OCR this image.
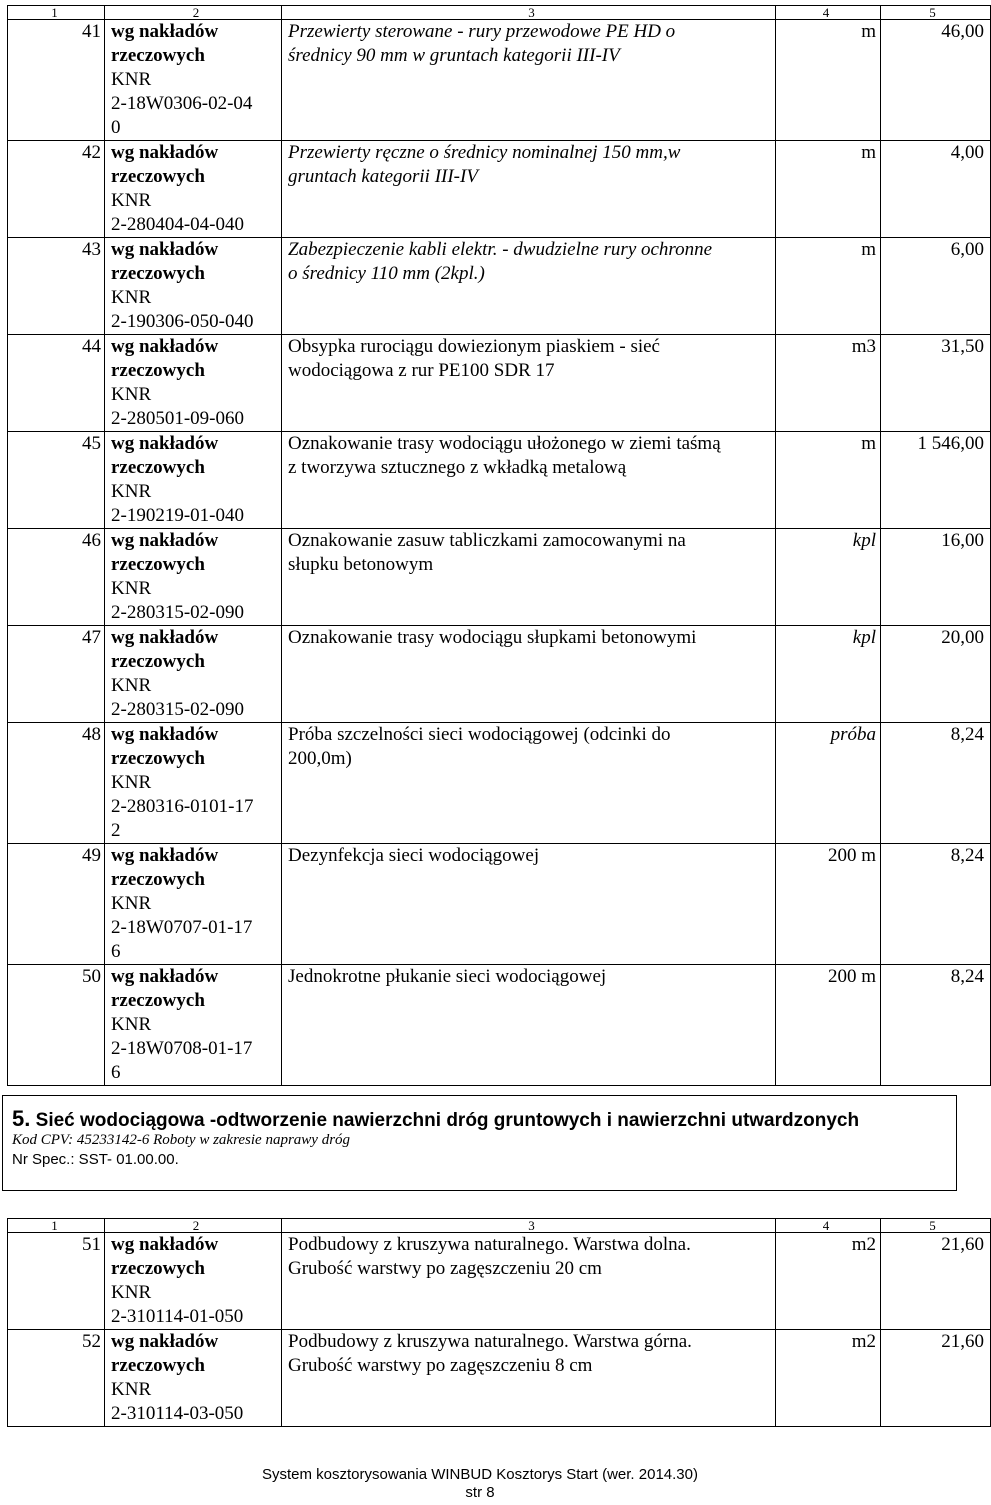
1	2	3	4	5
41	wg nakładów
rzeczowych
KNR
2-18W0306-02-04
0	Przewierty sterowane - rury przewodowe PE HD o
średnicy 90 mm w gruntach kategorii III-IV	m	46,00
42	wg nakładów
rzeczowych
KNR
2-280404-04-040	Przewierty ręczne o średnicy nominalnej 150 mm,w
gruntach kategorii III-IV	m	4,00
43	wg nakładów
rzeczowych
KNR
2-190306-050-040	Zabezpieczenie kabli elektr. - dwudzielne rury ochronne
o średnicy 110 mm (2kpl.)	m	6,00
44	wg nakładów
rzeczowych
KNR
2-280501-09-060	Obsypka rurociągu dowiezionym piaskiem - sieć
wodociągowa z rur PE100 SDR 17	m3	31,50
45	wg nakładów
rzeczowych
KNR
2-190219-01-040	Oznakowanie trasy wodociągu ułożonego w ziemi taśmą
z tworzywa sztucznego z wkładką metalową	m	1 546,00
46	wg nakładów
rzeczowych
KNR
2-280315-02-090	Oznakowanie zasuw tabliczkami zamocowanymi na
słupku betonowym	kpl	16,00
47	wg nakładów
rzeczowych
KNR
2-280315-02-090	Oznakowanie trasy wodociągu słupkami betonowymi	kpl	20,00
48	wg nakładów
rzeczowych
KNR
2-280316-0101-17
2	Próba szczelności sieci wodociągowej (odcinki do
200,0m)	próba	8,24
49	wg nakładów
rzeczowych
KNR
2-18W0707-01-17
6	Dezynfekcja sieci wodociągowej	200 m	8,24
50	wg nakładów
rzeczowych
KNR
2-18W0708-01-17
6	Jednokrotne płukanie sieci wodociągowej	200 m	8,24
5. Sieć wodociągowa -odtworzenie nawierzchni dróg gruntowych i nawierzchni utwardzonych
Kod CPV: 45233142-6 Roboty w zakresie naprawy dróg
Nr Spec.: SST- 01.00.00.
1	2	3	4	5
51	wg nakładów
rzeczowych
KNR
2-310114-01-050	Podbudowy z kruszywa naturalnego. Warstwa dolna.
Grubość warstwy po zagęszczeniu 20 cm	m2	21,60
52	wg nakładów
rzeczowych
KNR
2-310114-03-050	Podbudowy z kruszywa naturalnego. Warstwa górna.
Grubość warstwy po zagęszczeniu 8 cm	m2	21,60
System kosztorysowania WINBUD Kosztorys Start (wer. 2014.30)
str 8
